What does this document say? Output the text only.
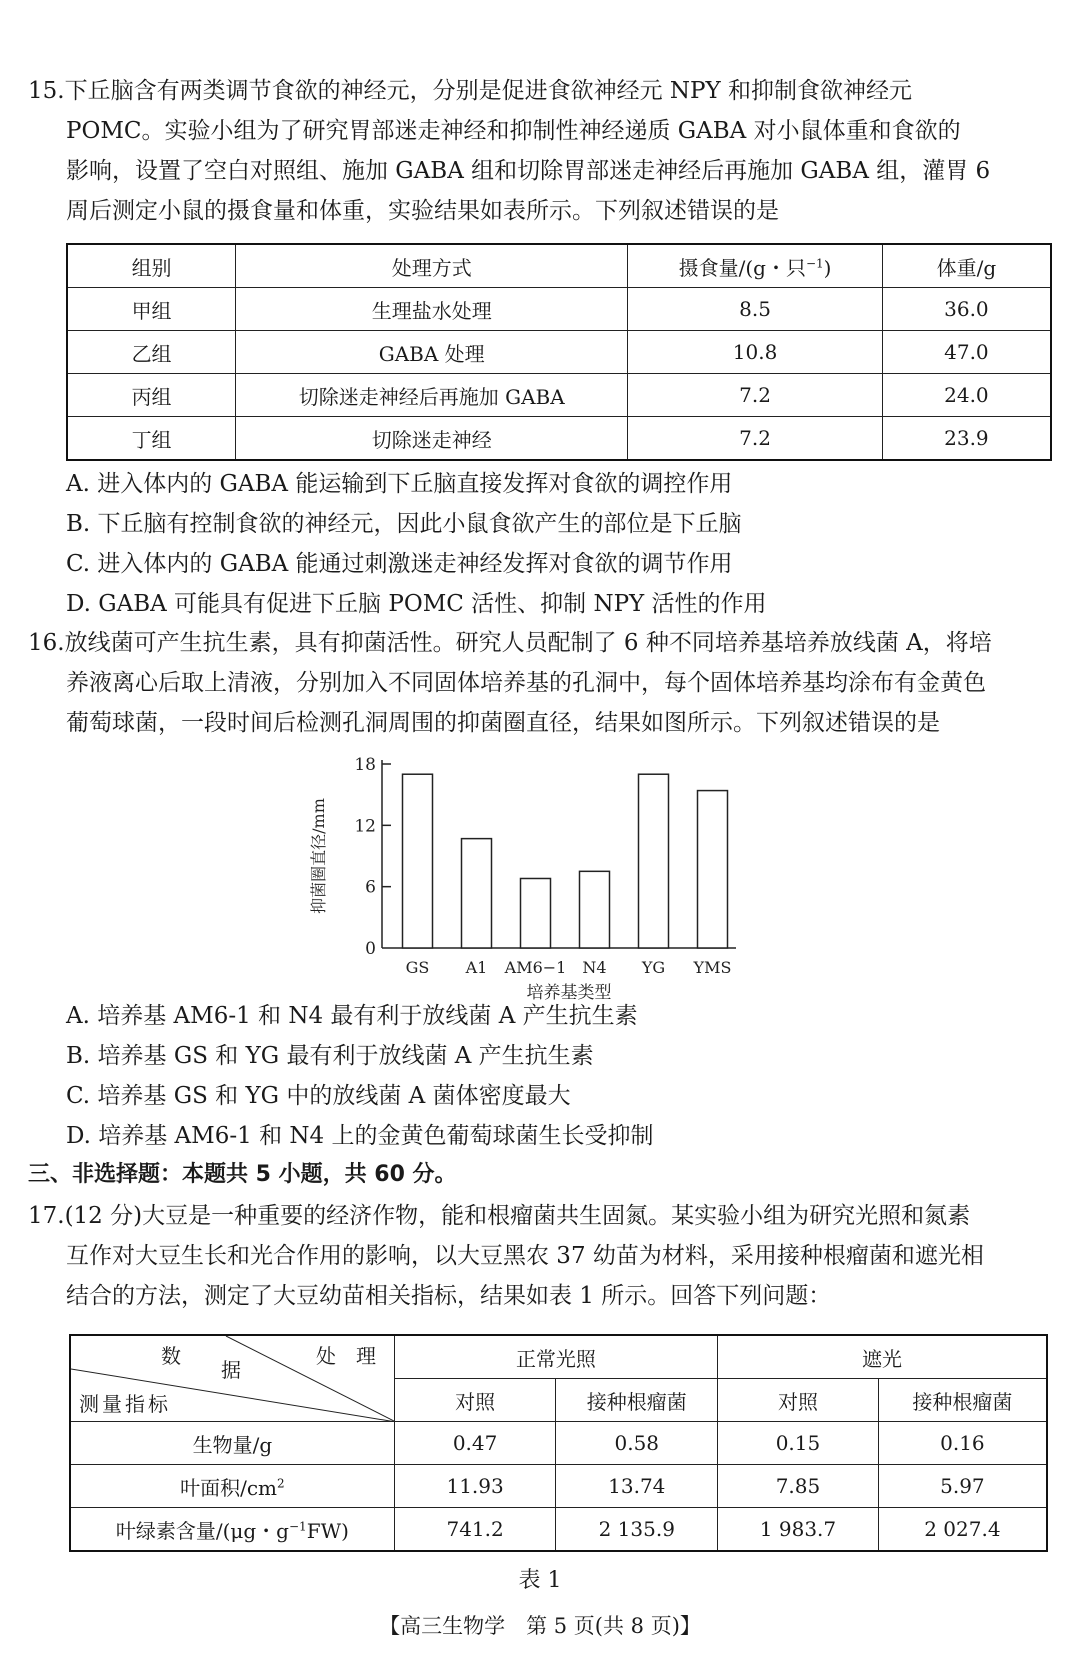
15.下丘脑含有两类调节食欲的神经元，分别是促进食欲神经元 NPY 和抑制食欲神经元
POMC。实验小组为了研究胃部迷走神经和抑制性神经递质 GABA 对小鼠体重和食欲的
影响，设置了空白对照组、施加 GABA 组和切除胃部迷走神经后再施加 GABA 组，灌胃 6
周后测定小鼠的摄食量和体重，实验结果如表所示。下列叙述错误的是
组别	处理方式	摄食量/(g・只$^{-1}$)	体重/g
甲组	生理盐水处理	8.5	36.0
乙组	GABA 处理	10.8	47.0
丙组	切除迷走神经后再施加 GABA	7.2	24.0
丁组	切除迷走神经	7.2	23.9
A. 进入体内的 GABA 能运输到下丘脑直接发挥对食欲的调控作用
B. 下丘脑有控制食欲的神经元，因此小鼠食欲产生的部位是下丘脑
C. 进入体内的 GABA 能通过刺激迷走神经发挥对食欲的调节作用
D. GABA 可能具有促进下丘脑 POMC 活性、抑制 NPY 活性的作用
16.放线菌可产生抗生素，具有抑菌活性。研究人员配制了 6 种不同培养基培养放线菌 A，将培
养液离心后取上清液，分别加入不同固体培养基的孔洞中，每个固体培养基均涂布有金黄色
葡萄球菌，一段时间后检测孔洞周围的抑菌圈直径，结果如图所示。下列叙述错误的是
0
6
12
18
GS A1 AM6−1 N4 YG YMS
培养基类型
抑菌圈直径/mm
A. 培养基 AM6-1 和 N4 最有利于放线菌 A 产生抗生素
B. 培养基 GS 和 YG 最有利于放线菌 A 产生抗生素
C. 培养基 GS 和 YG 中的放线菌 A 菌体密度最大
D. 培养基 AM6-1 和 N4 上的金黄色葡萄球菌生长受抑制
三、非选择题：本题共 5 小题，共 60 分。
17.(12 分)大豆是一种重要的经济作物，能和根瘤菌共生固氮。某实验小组为研究光照和氮素
互作对大豆生长和光合作用的影响，以大豆黑农 37 幼苗为材料，采用接种根瘤菌和遮光相
结合的方法，测定了大豆幼苗相关指标，结果如表 1 所示。回答下列问题：
处　理
数
据
测量指标	正常光照		遮光	
	对照	接种根瘤菌	对照	接种根瘤菌
生物量/g	0.47	0.58	0.15	0.16
叶面积$/cm^2$	11.93	13.74	7.85	5.97
叶绿素含量/(μg・$g^{-1}FW$)	741.2	2 135.9	1 983.7	2 027.4
表 1
【高三生物学　第 5 页(共 8 页)】
